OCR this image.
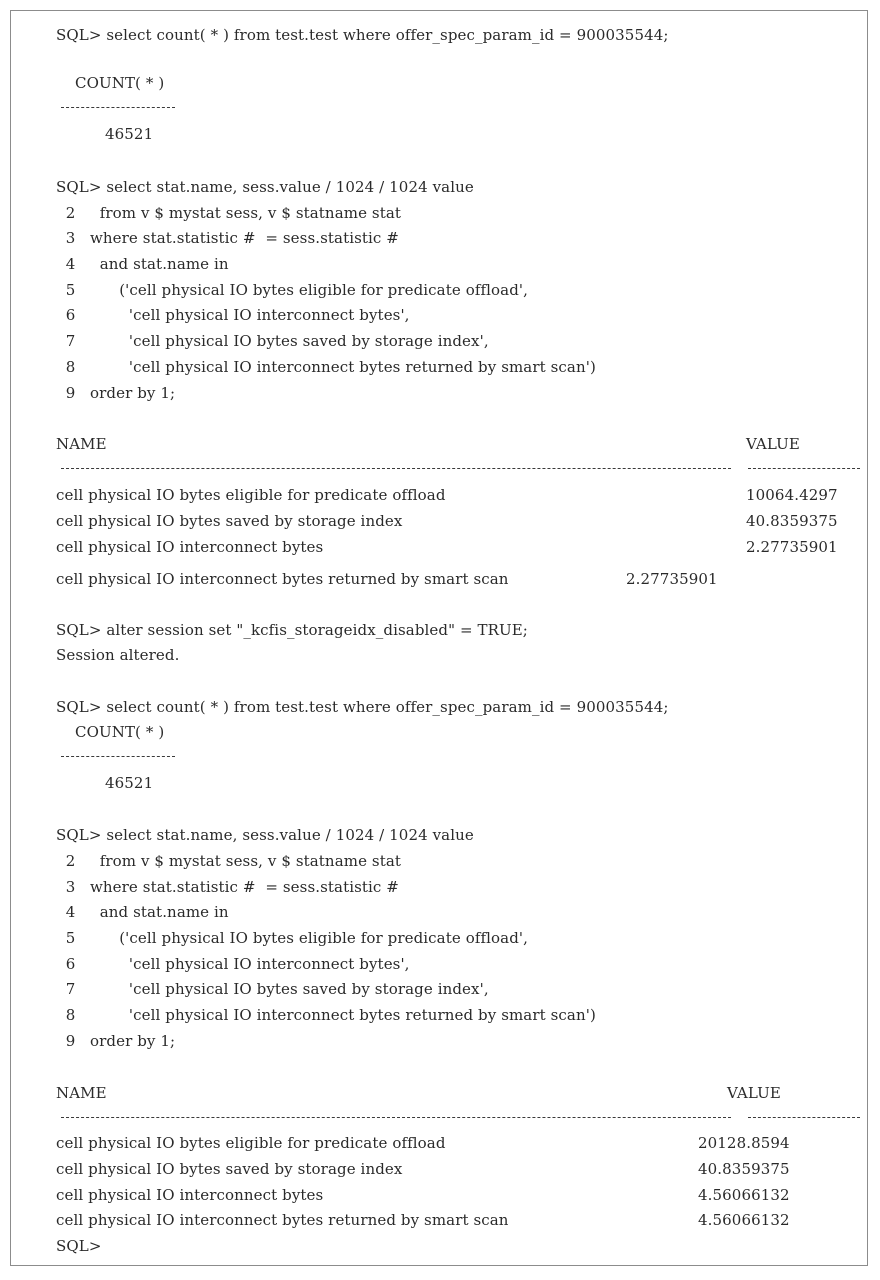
SQL> select count( * ) from test.test where offer_spec_param_id = 900035544;
COUNT( * )
46521
SQL> select stat.name, sess.value / 1024 / 1024 value
2     from v $ mystat sess, v $ statname stat
3   where stat.statistic #  = sess.statistic #
4     and stat.name in
5         ('cell physical IO bytes eligible for predicate offload',
6           'cell physical IO interconnect bytes',
7           'cell physical IO bytes saved by storage index',
8           'cell physical IO interconnect bytes returned by smart scan')
9   order by 1;
NAME	VALUE
cell physical IO bytes eligible for predicate offload	10064.4297
cell physical IO bytes saved by storage index	40.8359375
cell physical IO interconnect bytes	2.27735901
cell physical IO interconnect bytes returned by smart scan	2.27735901
SQL> alter session set "_kcfis_storageidx_disabled" = TRUE;
Session altered.
SQL> select count( * ) from test.test where offer_spec_param_id = 900035544;
COUNT( * )
46521
SQL> select stat.name, sess.value / 1024 / 1024 value
2     from v $ mystat sess, v $ statname stat
3   where stat.statistic #  = sess.statistic #
4     and stat.name in
5         ('cell physical IO bytes eligible for predicate offload',
6           'cell physical IO interconnect bytes',
7           'cell physical IO bytes saved by storage index',
8           'cell physical IO interconnect bytes returned by smart scan')
9   order by 1;
NAME	VALUE
cell physical IO bytes eligible for predicate offload	20128.8594
cell physical IO bytes saved by storage index	40.8359375
cell physical IO interconnect bytes	4.56066132
cell physical IO interconnect bytes returned by smart scan	4.56066132
SQL>
